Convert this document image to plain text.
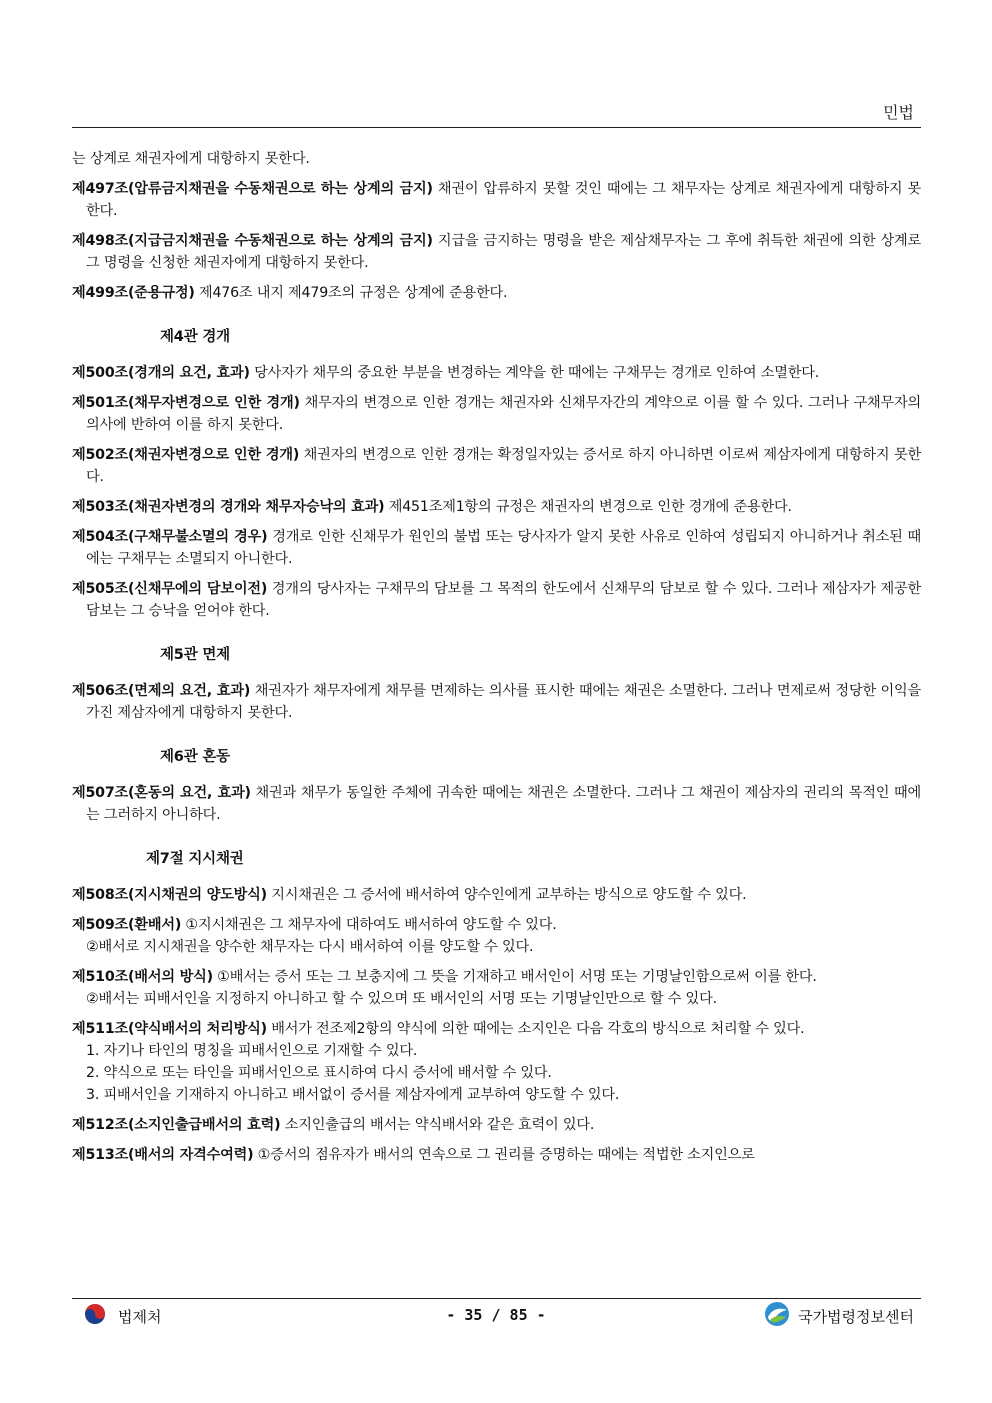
민법

는 상계로 채권자에게 대항하지 못한다.

제497조(압류금지채권을 수동채권으로 하는 상계의 금지) 채권이 압류하지 못할 것인 때에는 그 채무자는 상계로 채권자에게 대항하지 못한다.

제498조(지급금지채권을 수동채권으로 하는 상계의 금지) 지급을 금지하는 명령을 받은 제삼채무자는 그 후에 취득한 채권에 의한 상계로 그 명령을 신청한 채권자에게 대항하지 못한다.

제499조(준용규정) 제476조 내지 제479조의 규정은 상계에 준용한다.

제4관 경개

제500조(경개의 요건, 효과) 당사자가 채무의 중요한 부분을 변경하는 계약을 한 때에는 구채무는 경개로 인하여 소멸한다.

제501조(채무자변경으로 인한 경개) 채무자의 변경으로 인한 경개는 채권자와 신채무자간의 계약으로 이를 할 수 있다. 그러나 구채무자의 의사에 반하여 이를 하지 못한다.

제502조(채권자변경으로 인한 경개) 채권자의 변경으로 인한 경개는 확정일자있는 증서로 하지 아니하면 이로써 제삼자에게 대항하지 못한다.

제503조(채권자변경의 경개와 채무자승낙의 효과) 제451조제1항의 규정은 채권자의 변경으로 인한 경개에 준용한다.

제504조(구채무불소멸의 경우) 경개로 인한 신채무가 원인의 불법 또는 당사자가 알지 못한 사유로 인하여 성립되지 아니하거나 취소된 때에는 구채무는 소멸되지 아니한다.

제505조(신채무에의 담보이전) 경개의 당사자는 구채무의 담보를 그 목적의 한도에서 신채무의 담보로 할 수 있다. 그러나 제삼자가 제공한 담보는 그 승낙을 얻어야 한다.

제5관 면제

제506조(면제의 요건, 효과) 채권자가 채무자에게 채무를 면제하는 의사를 표시한 때에는 채권은 소멸한다. 그러나 면제로써 정당한 이익을 가진 제삼자에게 대항하지 못한다.

제6관 혼동

제507조(혼동의 요건, 효과) 채권과 채무가 동일한 주체에 귀속한 때에는 채권은 소멸한다. 그러나 그 채권이 제삼자의 권리의 목적인 때에는 그러하지 아니하다.

제7절 지시채권

제508조(지시채권의 양도방식) 지시채권은 그 증서에 배서하여 양수인에게 교부하는 방식으로 양도할 수 있다.

제509조(환배서) ①지시채권은 그 채무자에 대하여도 배서하여 양도할 수 있다.

②배서로 지시채권을 양수한 채무자는 다시 배서하여 이를 양도할 수 있다.

제510조(배서의 방식) ①배서는 증서 또는 그 보충지에 그 뜻을 기재하고 배서인이 서명 또는 기명날인함으로써 이를 한다.

②배서는 피배서인을 지정하지 아니하고 할 수 있으며 또 배서인의 서명 또는 기명날인만으로 할 수 있다.

제511조(약식배서의 처리방식) 배서가 전조제2항의 약식에 의한 때에는 소지인은 다음 각호의 방식으로 처리할 수 있다.

1. 자기나 타인의 명칭을 피배서인으로 기재할 수 있다.

2. 약식으로 또는 타인을 피배서인으로 표시하여 다시 증서에 배서할 수 있다.

3. 피배서인을 기재하지 아니하고 배서없이 증서를 제삼자에게 교부하여 양도할 수 있다.

제512조(소지인출급배서의 효력) 소지인출급의 배서는 약식배서와 같은 효력이 있다.

제513조(배서의 자격수여력) ①증서의 점유자가 배서의 연속으로 그 권리를 증명하는 때에는 적법한 소지인으로

법제처	- 35 / 85 -	국가법령정보센터
